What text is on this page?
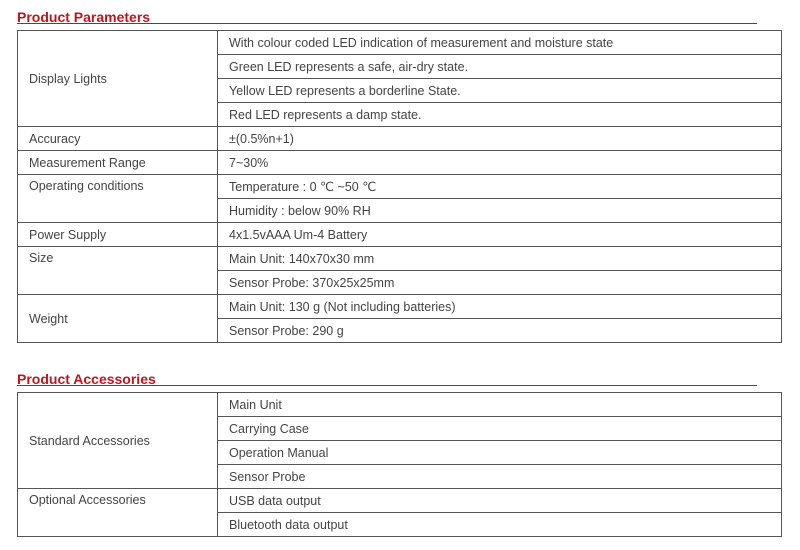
Product Parameters
Display Lights	With colour coded LED indication of measurement and moisture state
	Green LED represents a safe, air-dry state.
	Yellow LED represents a borderline State.
	Red LED represents a damp state.
Accuracy	±(0.5%n+1)
Measurement Range	7~30%
Operating conditions	Temperature : 0 ℃ ~50 ℃
	Humidity : below 90% RH
Power Supply	4x1.5vAAA Um-4 Battery
Size	Main Unit: 140x70x30 mm
	Sensor Probe: 370x25x25mm
Weight	Main Unit: 130 g (Not including batteries)
	Sensor Probe: 290 g
Product Accessories
Standard Accessories	Main Unit
	Carrying Case
	Operation Manual
	Sensor Probe
Optional Accessories	USB data output
	Bluetooth data output
